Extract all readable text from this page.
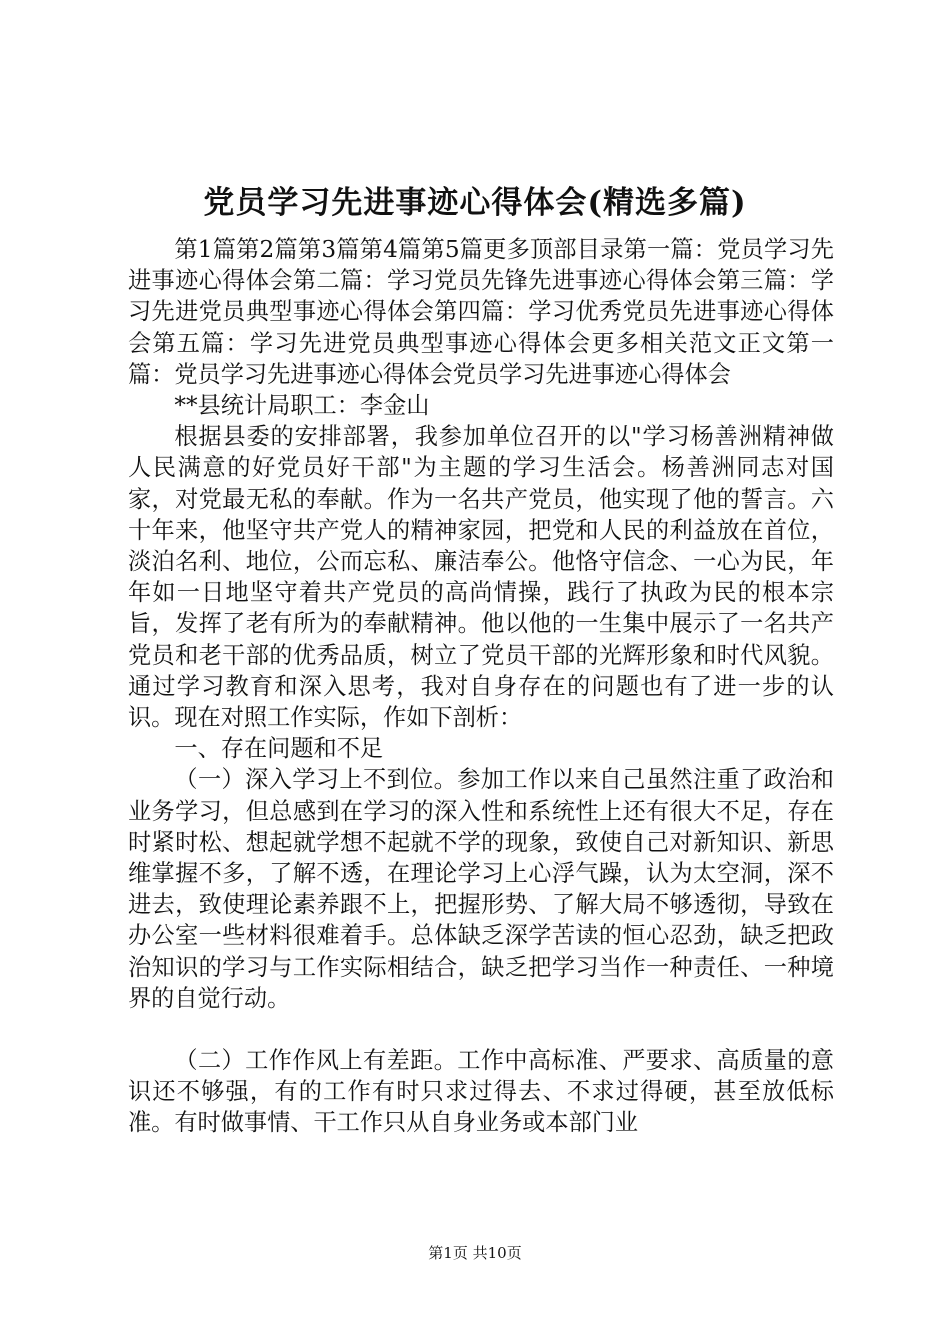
党员学习先进事迹心得体会(精选多篇)

第1篇第2篇第3篇第4篇第5篇更多顶部目录第一篇：党员学习先进事迹心得体会第二篇：学习党员先锋先进事迹心得体会第三篇：学习先进党员典型事迹心得体会第四篇：学习优秀党员先进事迹心得体会第五篇：学习先进党员典型事迹心得体会更多相关范文正文第一篇：党员学习先进事迹心得体会党员学习先进事迹心得体会

**县统计局职工：李金山

根据县委的安排部署，我参加单位召开的以"学习杨善洲精神做人民满意的好党员好干部"为主题的学习生活会。杨善洲同志对国家，对党最无私的奉献。作为一名共产党员，他实现了他的誓言。六十年来，他坚守共产党人的精神家园，把党和人民的利益放在首位，淡泊名利、地位，公而忘私、廉洁奉公。他恪守信念、一心为民，年年如一日地坚守着共产党员的高尚情操，践行了执政为民的根本宗旨，发挥了老有所为的奉献精神。他以他的一生集中展示了一名共产党员和老干部的优秀品质，树立了党员干部的光辉形象和时代风貌。通过学习教育和深入思考，我对自身存在的问题也有了进一步的认识。现在对照工作实际，作如下剖析：

一、存在问题和不足

（一）深入学习上不到位。参加工作以来自己虽然注重了政治和业务学习，但总感到在学习的深入性和系统性上还有很大不足，存在时紧时松、想起就学想不起就不学的现象，致使自己对新知识、新思维掌握不多，了解不透，在理论学习上心浮气躁，认为太空洞，深不进去，致使理论素养跟不上，把握形势、了解大局不够透彻，导致在办公室一些材料很难着手。总体缺乏深学苦读的恒心忍劲，缺乏把政治知识的学习与工作实际相结合，缺乏把学习当作一种责任、一种境界的自觉行动。

（二）工作作风上有差距。工作中高标准、严要求、高质量的意识还不够强，有的工作有时只求过得去、不求过得硬，甚至放低标准。有时做事情、干工作只从自身业务或本部门业

第1页 共10页
